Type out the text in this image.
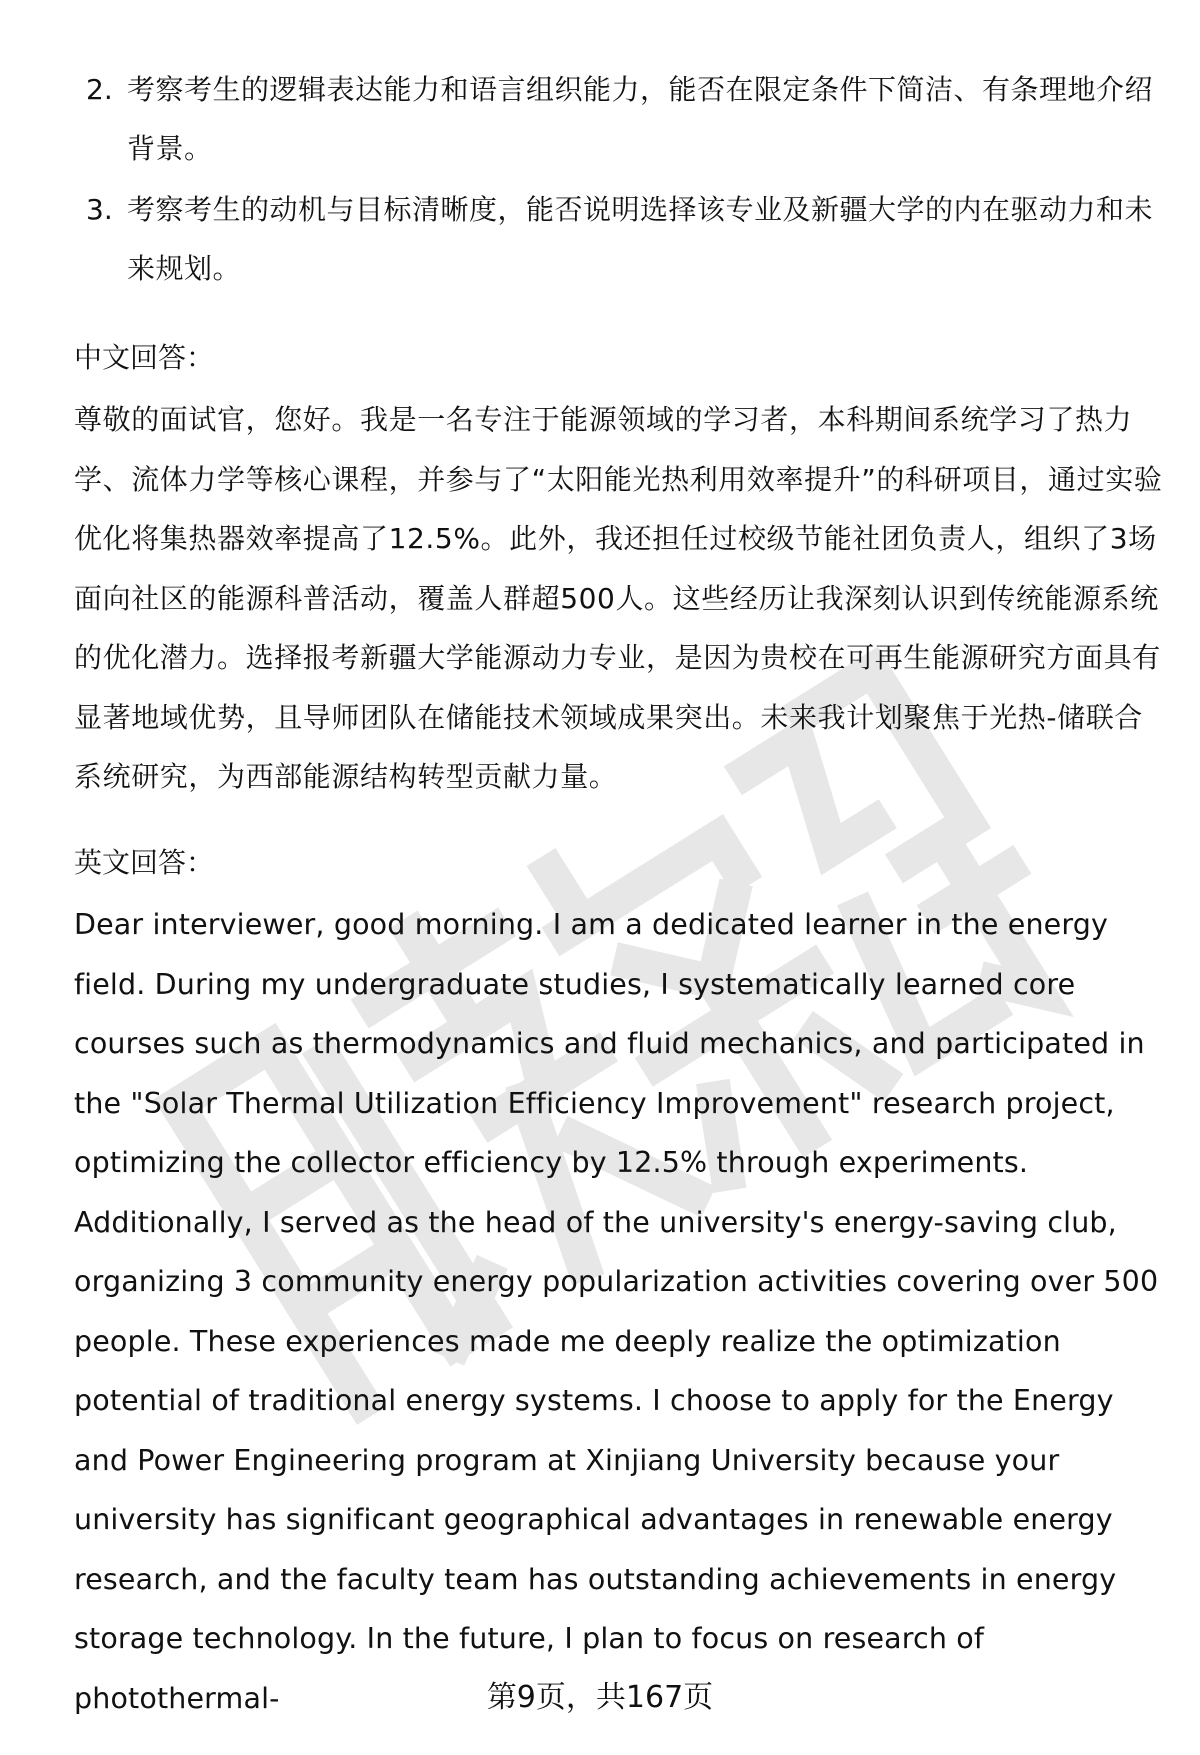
2. 考察考生的逻辑表达能力和语言组织能力，能否在限定条件下简洁、有条理地介绍背景。
3. 考察考生的动机与目标清晰度，能否说明选择该专业及新疆大学的内在驱动力和未来规划。
中文回答：
尊敬的面试官，您好。我是一名专注于能源领域的学习者，本科期间系统学习了热力学、流体力学等核心课程，并参与了“太阳能光热利用效率提升”的科研项目，通过实验优化将集热器效率提高了12.5%。此外，我还担任过校级节能社团负责人，组织了3场面向社区的能源科普活动，覆盖人群超500人。这些经历让我深刻认识到传统能源系统的优化潜力。选择报考新疆大学能源动力专业，是因为贵校在可再生能源研究方面具有显著地域优势，且导师团队在储能技术领域成果突出。未来我计划聚焦于光热-储联合系统研究，为西部能源结构转型贡献力量。
英文回答：
Dear interviewer, good morning. I am a dedicated learner in the energy field. During my undergraduate studies, I systematically learned core courses such as thermodynamics and fluid mechanics, and participated in the "Solar Thermal Utilization Efficiency Improvement" research project, optimizing the collector efficiency by 12.5% through experiments. Additionally, I served as the head of the university's energy-saving club, organizing 3 community energy popularization activities covering over 500 people. These experiences made me deeply realize the optimization potential of traditional energy systems. I choose to apply for the Energy and Power Engineering program at Xinjiang University because your university has significant geographical advantages in renewable energy research, and the faculty team has outstanding achievements in energy storage technology. In the future, I plan to focus on research of photothermal-	第9页，共167页
